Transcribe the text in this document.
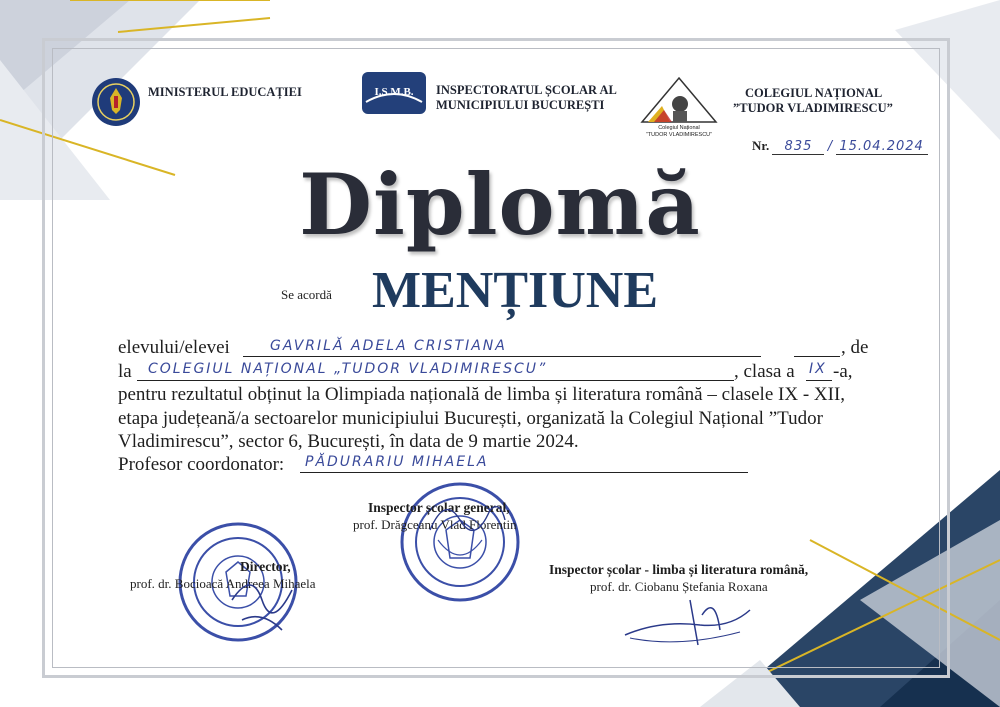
MINISTERUL EDUCAȚIEI	I.S.M.B. INSPECTORATUL ȘCOLAR AL
MUNICIPIULUI BUCUREȘTI
Colegiul Național
”TUDOR VLADIMIRESCU”
COLEGIUL NAȚIONAL
”TUDOR VLADIMIRESCU”
Nr. 835 / 15.04.2024
Diplomă
Se acordă MENȚIUNE
elevului/elevei	GAVRILĂ ADELA CRISTIANA	, de
la COLEGIUL NAȚIONAL „TUDOR VLADIMIRESCU”	, clasa a IX -a,
pentru rezultatul obținut la Olimpiada națională de limba și literatura română – clasele IX - XII,
etapa județeană/a sectoarelor municipiului București, organizată la Colegiul Național ”Tudor
Vladimirescu”, sector 6, București, în data de 9 martie 2024.
Profesor coordonator: PĂDURARIU MIHAELA
Inspector școlar general,
prof. Drăgceanu Vlad Florentin
Director,
prof. dr. Bocioacă Andreea Mihaela
Inspector școlar - limba și literatura română,
prof. dr. Ciobanu Ștefania Roxana
